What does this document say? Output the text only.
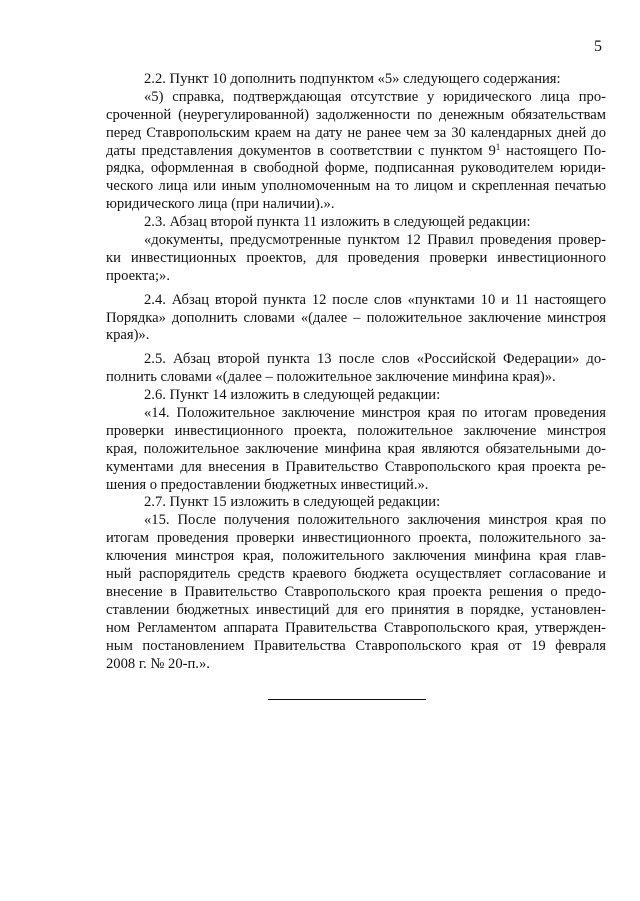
5
2.2. Пункт 10 дополнить подпунктом «5» следующего содержания:
«5) справка, подтверждающая отсутствие у юридического лица про-
сроченной (неурегулированной) задолженности по денежным обязательствам
перед Ставропольским краем на дату не ранее чем за 30 календарных дней до
даты представления документов в соответствии с пунктом $9^1$ настоящего По-
рядка, оформленная в свободной форме, подписанная руководителем юриди-
ческого лица или иным уполномоченным на то лицом и скрепленная печатью
юридического лица (при наличии).».
2.3. Абзац второй пункта 11 изложить в следующей редакции:
«документы, предусмотренные пунктом 12 Правил проведения провер-
ки инвестиционных проектов, для проведения проверки инвестиционного
проекта;».
2.4. Абзац второй пункта 12 после слов «пунктами 10 и 11 настоящего
Порядка» дополнить словами «(далее – положительное заключение минстроя
края)».
2.5. Абзац второй пункта 13 после слов «Российской Федерации» до-
полнить словами «(далее – положительное заключение минфина края)».
2.6. Пункт 14 изложить в следующей редакции:
«14. Положительное заключение минстроя края по итогам проведения
проверки инвестиционного проекта, положительное заключение минстроя
края, положительное заключение минфина края являются обязательными до-
кументами для внесения в Правительство Ставропольского края проекта ре-
шения о предоставлении бюджетных инвестиций.».
2.7. Пункт 15 изложить в следующей редакции:
«15. После получения положительного заключения минстроя края по
итогам проведения проверки инвестиционного проекта, положительного за-
ключения минстроя края, положительного заключения минфина края глав-
ный распорядитель средств краевого бюджета осуществляет согласование и
внесение в Правительство Ставропольского края проекта решения о предо-
ставлении бюджетных инвестиций для его принятия в порядке, установлен-
ном Регламентом аппарата Правительства Ставропольского края, утвержден-
ным постановлением Правительства Ставропольского края от 19 февраля
2008 г. № 20-п.».
